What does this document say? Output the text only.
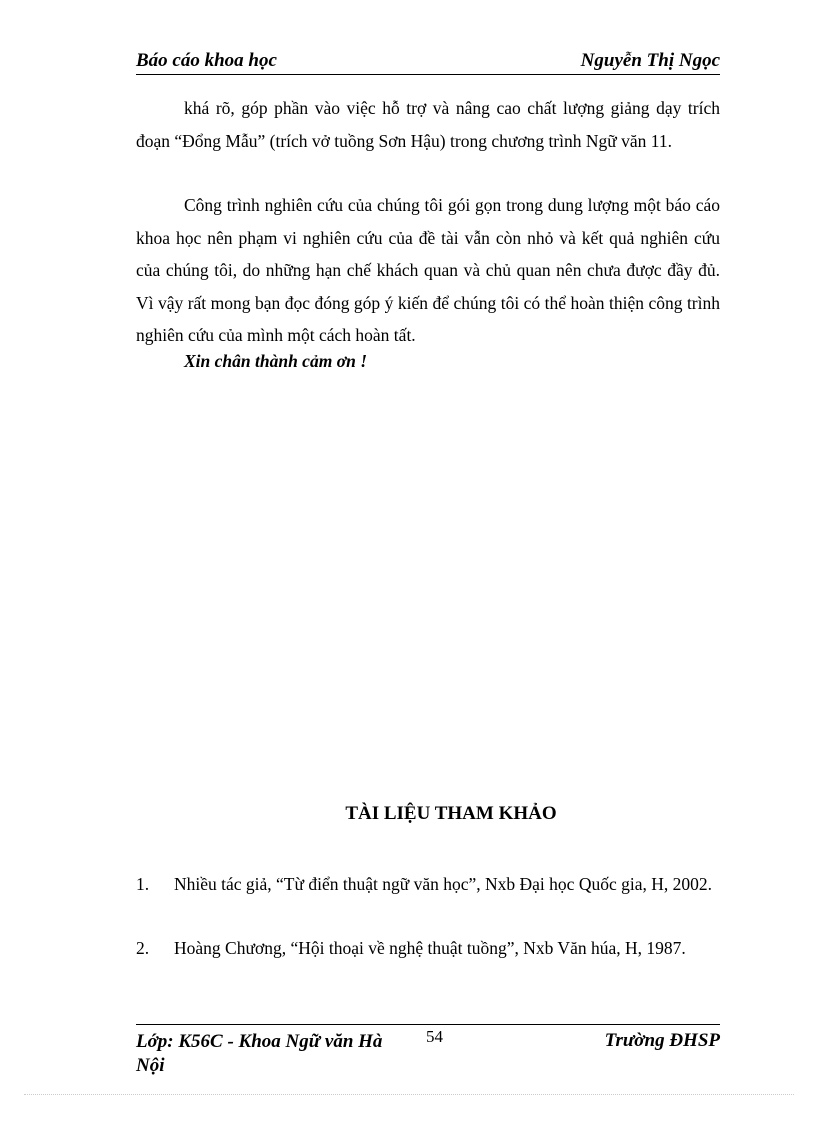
Báo cáo khoa học	Nguyễn Thị Ngọc

khá rõ, góp phần vào việc hỗ trợ và nâng cao chất lượng giảng dạy trích đoạn “Đổng Mẫu” (trích vở tuồng Sơn Hậu) trong chương trình Ngữ văn 11.

Công trình nghiên cứu của chúng tôi gói gọn trong dung lượng một báo cáo khoa học nên phạm vi nghiên cứu của đề tài vẫn còn nhỏ và kết quả nghiên cứu của chúng tôi, do những hạn chế khách quan và chủ quan nên chưa được đầy đủ. Vì vậy rất mong bạn đọc đóng góp ý kiến để chúng tôi có thể hoàn thiện công trình nghiên cứu của mình một cách hoàn tất.

Xin chân thành cảm ơn !
TÀI LIỆU THAM KHẢO
1. Nhiều tác giả, “Từ điển thuật ngữ văn học”, Nxb Đại học Quốc gia, H, 2002.
2. Hoàng Chương, “Hội thoại về nghệ thuật tuồng”, Nxb Văn húa, H, 1987.
Lớp: K56C - Khoa Ngữ văn Hà Nội
54	Trường ĐHSP
